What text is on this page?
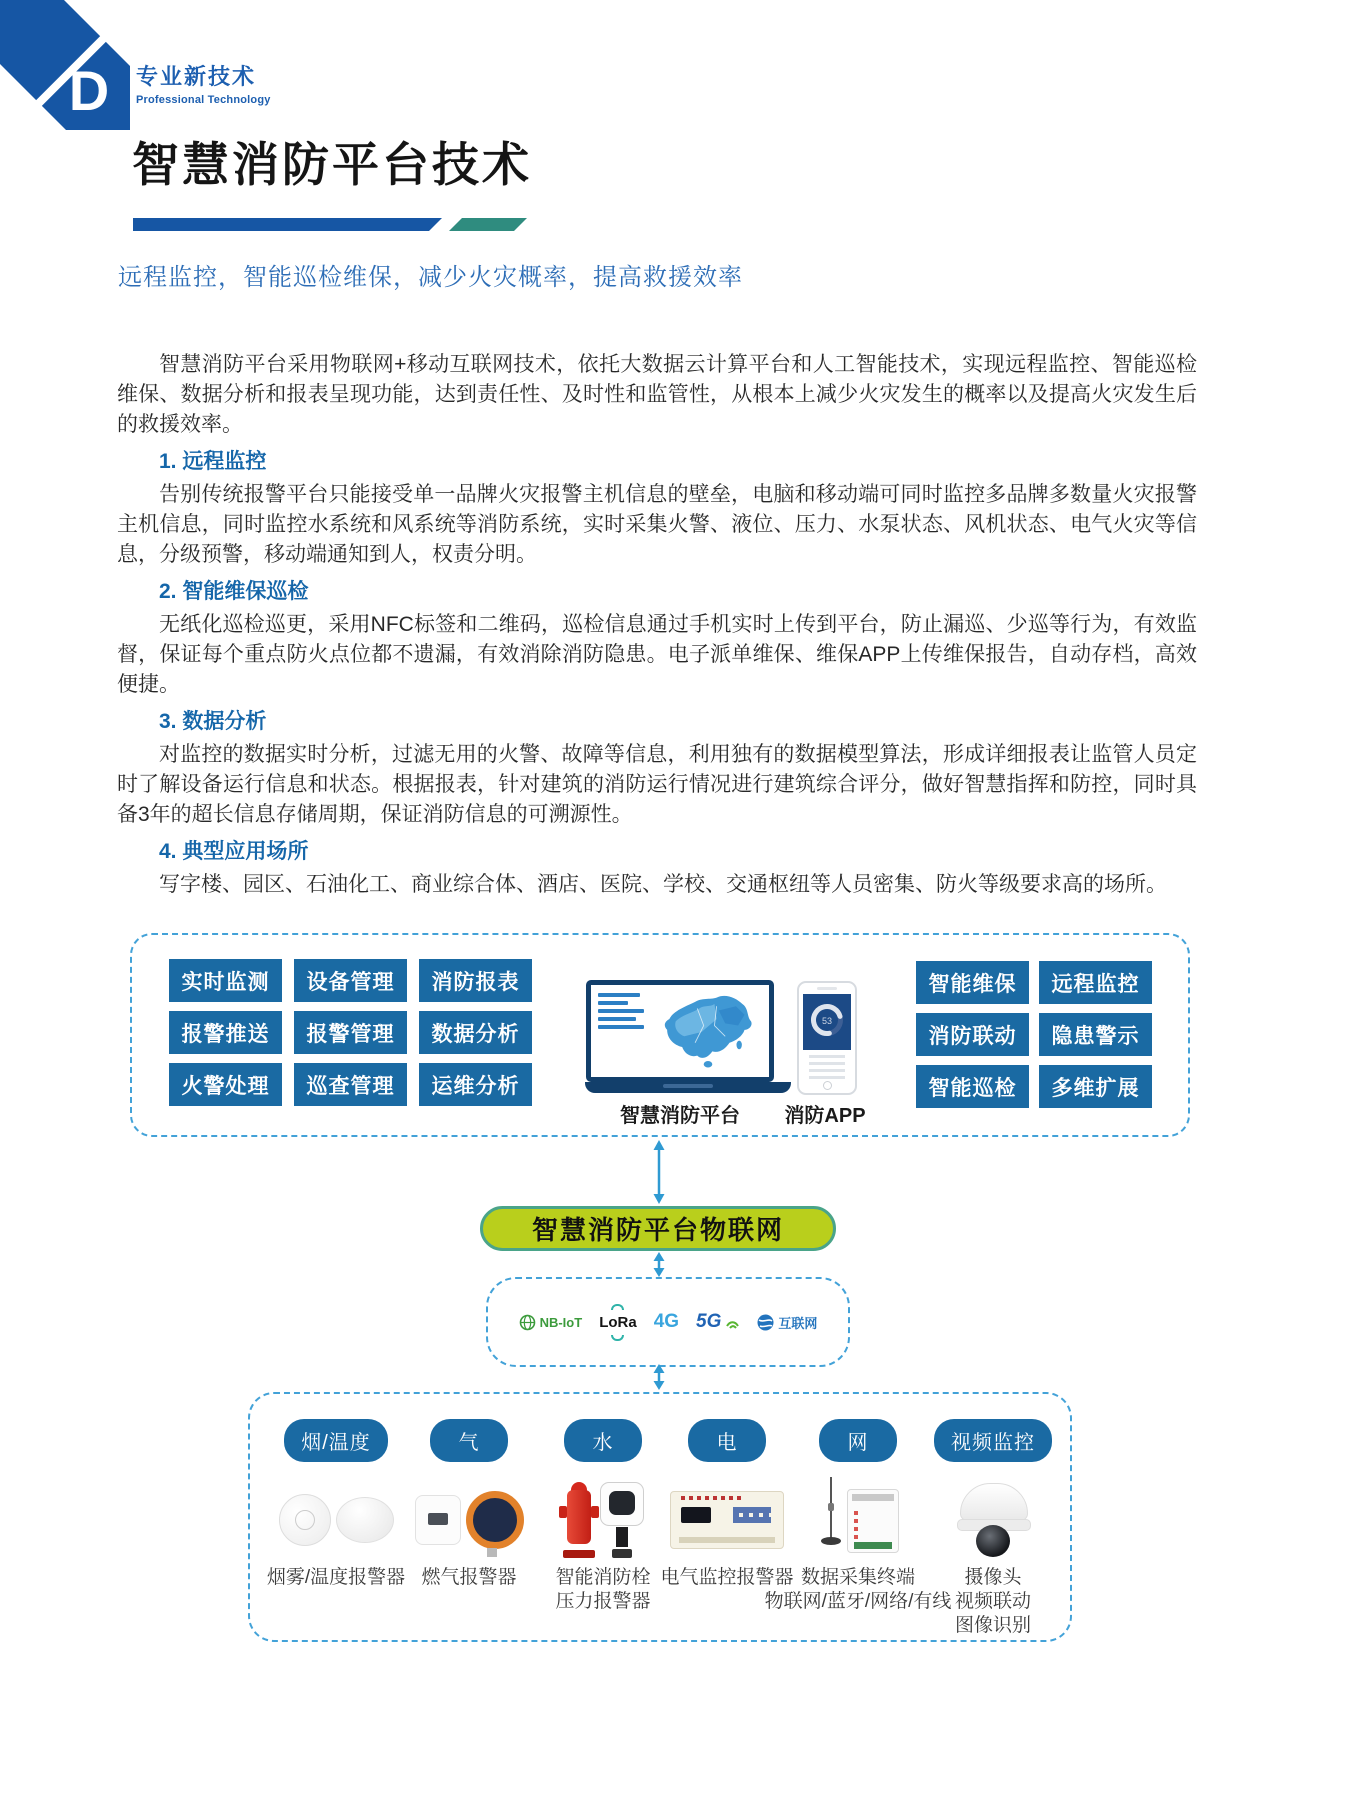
D 专业新技术
Professional Technology
智慧消防平台技术
远程监控，智能巡检维保，减少火灾概率，提高救援效率

智慧消防平台采用物联网+移动互联网技术，依托大数据云计算平台和人工智能技术，实现远程监控、智能巡检维保、数据分析和报表呈现功能，达到责任性、及时性和监管性，从根本上减少火灾发生的概率以及提高火灾发生后的救援效率。

1. 远程监控

告别传统报警平台只能接受单一品牌火灾报警主机信息的壁垒，电脑和移动端可同时监控多品牌多数量火灾报警主机信息，同时监控水系统和风系统等消防系统，实时采集火警、液位、压力、水泵状态、风机状态、电气火灾等信息，分级预警，移动端通知到人，权责分明。

2. 智能维保巡检

无纸化巡检巡更，采用NFC标签和二维码，巡检信息通过手机实时上传到平台，防止漏巡、少巡等行为，有效监督，保证每个重点防火点位都不遗漏，有效消除消防隐患。电子派单维保、维保APP上传维保报告，自动存档，高效便捷。

3. 数据分析

对监控的数据实时分析，过滤无用的火警、故障等信息，利用独有的数据模型算法，形成详细报表让监管人员定时了解设备运行信息和状态。根据报表，针对建筑的消防运行情况进行建筑综合评分，做好智慧指挥和防控，同时具备3年的超长信息存储周期，保证消防信息的可溯源性。

4. 典型应用场所

写字楼、园区、石油化工、商业综合体、酒店、医院、学校、交通枢纽等人员密集、防火等级要求高的场所。

实时监测	设备管理	消防报表
报警推送	报警管理	数据分析
火警处理	巡查管理	运维分析
智慧消防平台
53
消防APP
智能维保	远程监控
消防联动	隐患警示
智能巡检	多维扩展
智慧消防平台物联网
NB-IoT LoRa 4G 5G	互联网
烟/温度
烟雾/温度报警器
气
燃气报警器
水
智能消防栓
压力报警器
电
电气监控报警器
网
数据采集终端
物联网/蓝牙/网络/有线
视频监控
摄像头
视频联动
图像识别
